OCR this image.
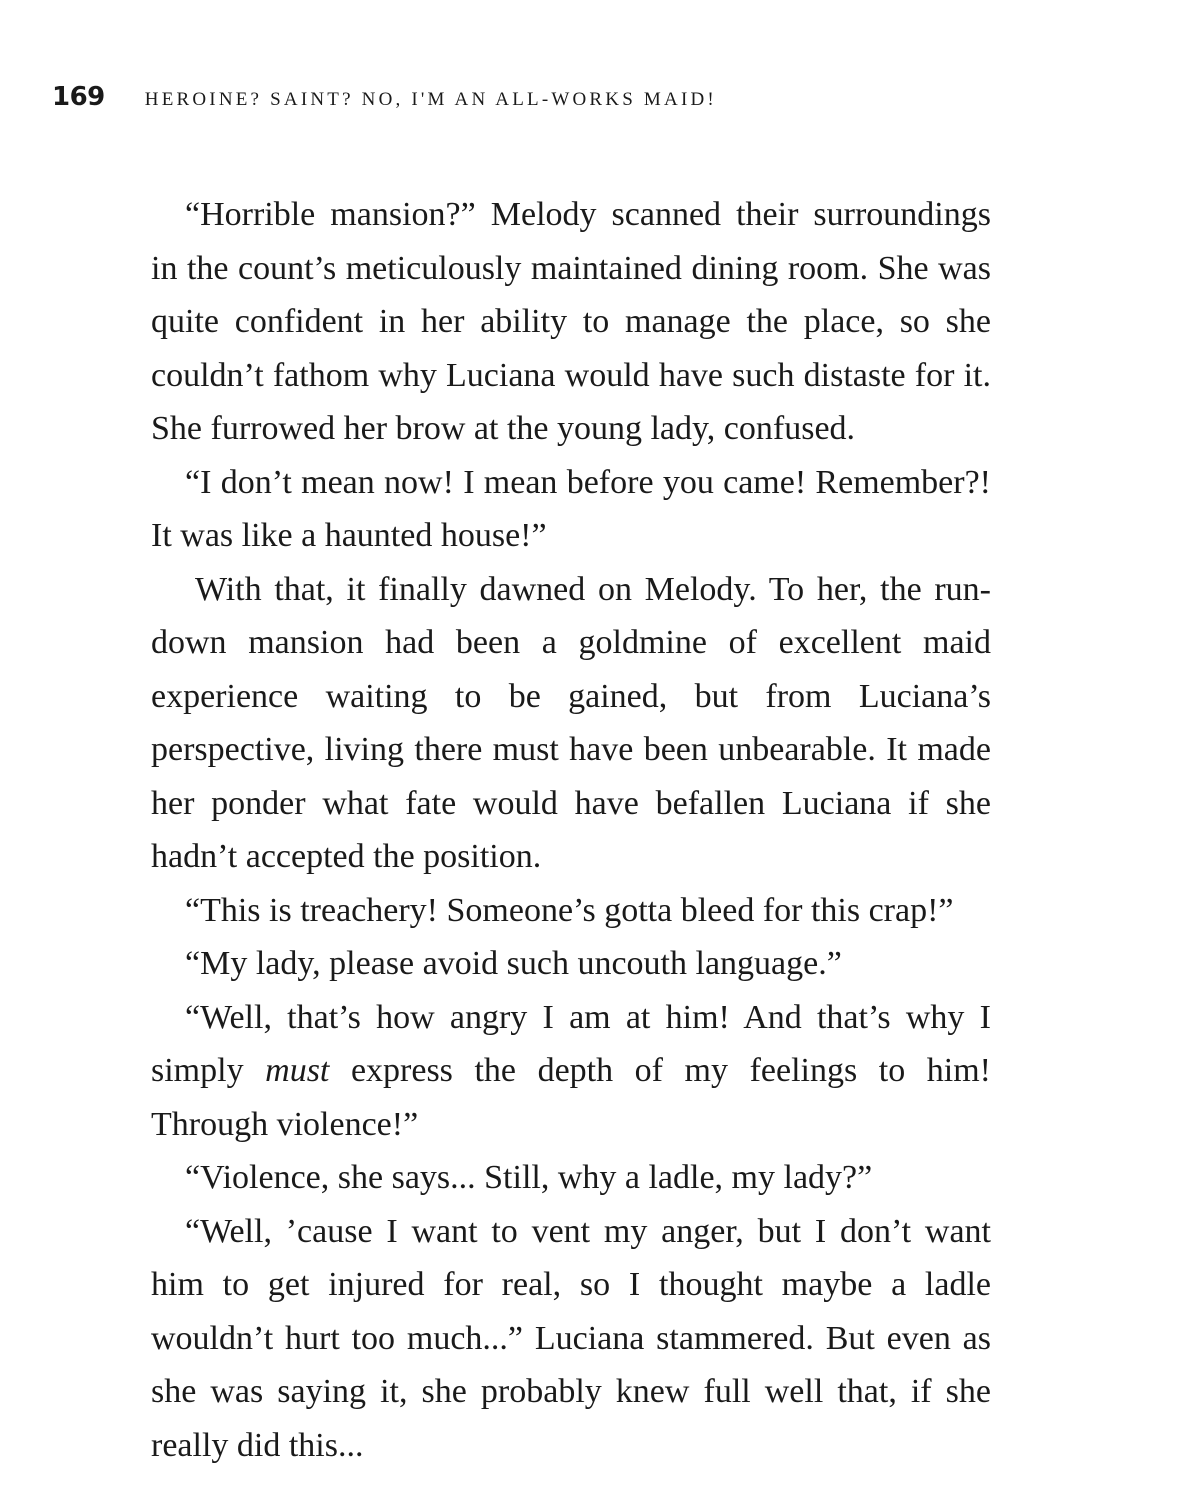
169 HEROINE? SAINT? NO, I'M AN ALL-WORKS MAID!

“Horrible mansion?” Melody scanned their surroundings in the count’s meticulously maintained dining room. She was quite confident in her ability to manage the place, so she couldn’t fathom why Luciana would have such distaste for it. She furrowed her brow at the young lady, confused.

“I don’t mean now! I mean before you came! Remember?! It was like a haunted house!”

With that, it finally dawned on Melody. To her, the run-down mansion had been a goldmine of excellent maid experience waiting to be gained, but from Luciana’s perspective, living there must have been unbearable. It made her ponder what fate would have befallen Luciana if she hadn’t accepted the position.

“This is treachery! Someone’s gotta bleed for this crap!”

“My lady, please avoid such uncouth language.”

“Well, that’s how angry I am at him! And that’s why I simply must express the depth of my feelings to him! Through violence!”

“Violence, she says... Still, why a ladle, my lady?”

“Well, ’cause I want to vent my anger, but I don’t want him to get injured for real, so I thought maybe a ladle wouldn’t hurt too much...” Luciana stammered. But even as she was saying it, she probably knew full well that, if she really did this...
